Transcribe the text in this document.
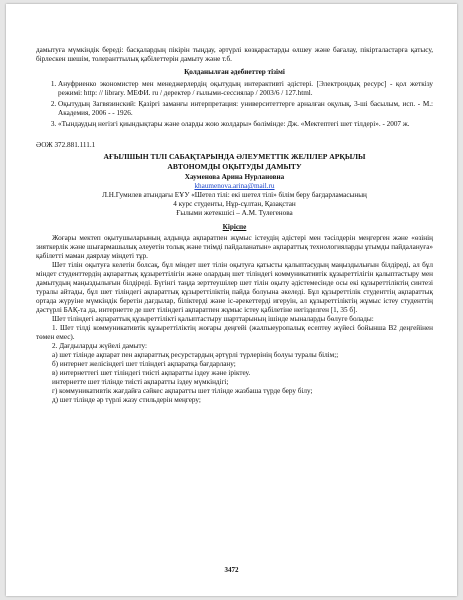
дамытуға мүмкіндік береді: басқалардың пікірін тыңдау, әртүрлі көзқарастарды өлшеу және бағалау, пікірталастарға қатысу, бірлескен шешім, толеранттылық қабілеттерін дамыту және т.б.

Қолданылған әдебиеттер тізімі
1. Ануфриенко экономистер мен менеджерлердің оқытудың интерактивті әдістері. [Электрондық ресурс] - қол жеткізу режимі: http: // library. МЕФИ. ru / деректер / ғылыми-сессиялар / 2003/6 / 127.html.
2. Оқытудың Загвязинский: Қазіргі заманғы интерпретация: университеттерге арналған оқулық, 3-ші басылым, исп. - М.: Академия, 2006 - - 1926.
3. «Тындаудың негізгі қиындықтары және оларды жою жолдары» бөлімінде: Дж. «Мектептегі шет тілдері». - 2007 ж.
ӘОЖ 372.881.111.1
АҒЫЛШЫН ТІЛІ САБАҚТАРЫНДА ӘЛЕУМЕТТІК ЖЕЛІЛЕР АРҚЫЛЫ
АВТОНОМДЫ ОҚЫТУДЫ ДАМЫТУ
Хауменова Арина Нурлановна
khaumenova.arina@mail.ru
Л.Н.Гумилев атындағы ЕҰУ «Шетел тілі: екі шетел тілі» білім беру бағдарламасының
4 курс студенты, Нұр-сұлтан, Қазақстан
Ғылыми жетекшісі – А.М. Тулегенова
Кіріспе

Жоғары мектеп оқытушыларының алдында ақпаратпен жұмыс істеудің әдістері мен тәсілдерін меңгерген және «өзінің зияткерлік және шығармашылық әлеуетін толық және тиімді пайдаланатын» ақпараттық технологияларды ұтымды пайдалануға» қабілетті маман даярлау міндеті тұр.

Шет тілін оқытуға келетін болсақ, бұл міндет шет тілін оқытуға қатысты қалыптасудың маңыздылығын білдіреді, ал бұл міндет студенттердің ақпараттық құзыреттілігін және олардың шет тіліндегі коммуникативтік құзыреттілігін қалыптастыру мен дамытудың маңыздылығын білдіреді. Бүгінгі таңда зерттеушілер шет тілін оқыту әдістемесінде осы екі құзыреттіліктің синтезі туралы айтады, бұл шет тіліндегі ақпараттық құзыреттіліктің пайда болуына әкеледі. Бұл құзыреттілік студенттің ақпараттық ортада жүруіне мүмкіндік беретін дағдылар, біліктерді және іс-әрекеттерді игеруін, ал құзыреттіліктің жұмыс істеу студенттің дәстүрлі БАҚ-та да, интернетте де шет тіліндегі ақпаратпен жұмыс істеу қабілетіне негізделген [1, 35 б].

Шет тіліндегі ақпараттық құзыреттілікті қалыптастыру шарттарының ішінде мыналарды бөлуге болады:

1. Шет тілді коммуникативтік құзыреттіліктің жоғары деңгейі (жалпыеуропалық есептеу жүйесі бойынша В2 деңгейінен төмен емес).

2. Дағдыларды жүйелі дамыту:

а) шет тілінде ақпарат пен ақпараттық ресурстардың әртүрлі түрлерінің болуы туралы білім;;

б) интернет желісіндегі шет тіліндегі ақпаратқа бағдарлану;

в) интернеттегі шет тіліндегі тиісті ақпаратты іздеу және іріктеу.

интернетте шет тілінде тиісті ақпаратты іздеу мүмкіндігі;

г) коммуникативтік жағдайға сәйкес ақпаратты шет тілінде жазбаша түрде беру білу;

д) шет тілінде әр түрлі жазу стильдерін меңгеру;

3472
